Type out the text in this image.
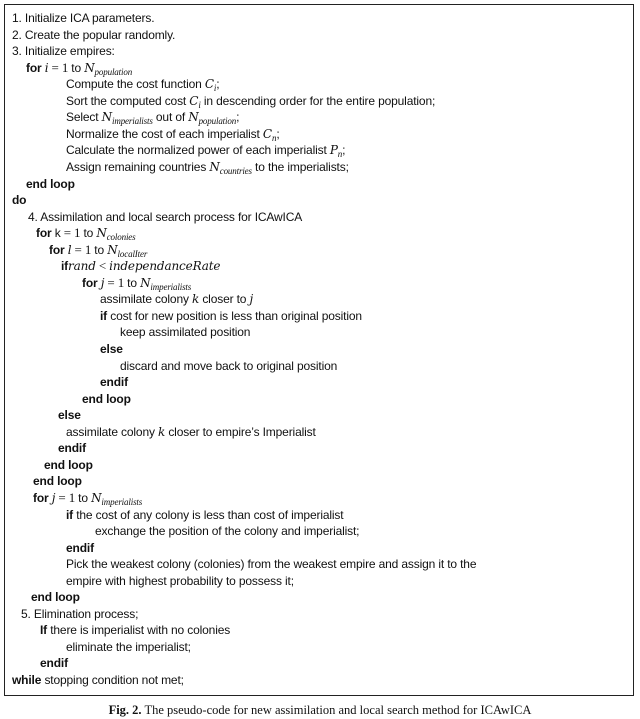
Fig. 2. The pseudo-code for new assimilation and local search method for ICAwICA
1. Initialize ICA parameters.
2. Create the popular randomly.
3. Initialize empires:
for i = 1 to $N_{population}$
Compute the cost function $C_i$;
Sort the computed cost $C_i$ in descending order for the entire population;
Select $N_{imperialists}$ out of $N_{population}$;
Normalize the cost of each imperialist $C_n$;
Calculate the normalized power of each imperialist $P_n$;
Assign remaining countries $N_{countries}$ to the imperialists;
end loop
do
4. Assimilation and local search process for ICAwICA
for k = 1 to $N_{colonies}$
for l = 1 to $N_{localIter}$
ifrand < independanceRate
for j = 1 to $N_{imperialists}$
assimilate colony k closer to j
if cost for new position is less than original position
keep assimilated position
else
discard and move back to original position
endif
end loop
else
assimilate colony k closer to empire’s Imperialist
endif
end loop
end loop
for j = 1 to $N_{imperialists}$
if the cost of any colony is less than cost of imperialist
exchange the position of the colony and imperialist;
endif
Pick the weakest colony (colonies) from the weakest empire and assign it to the
empire with highest probability to possess it;
end loop
5. Elimination process;
If there is imperialist with no colonies
eliminate the imperialist;
endif
while stopping condition not met;
